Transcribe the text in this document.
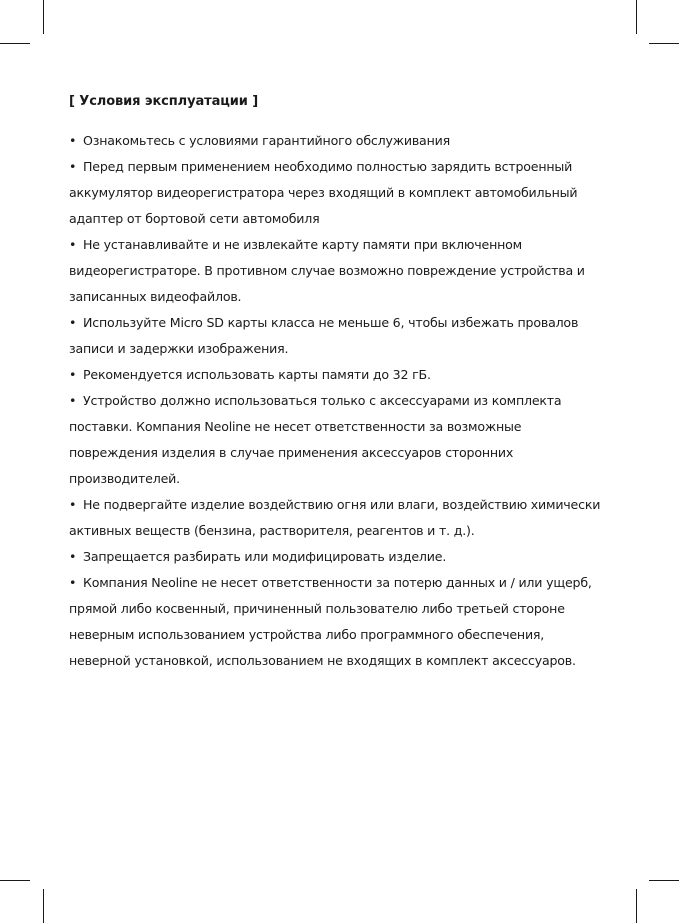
[ Условия эксплуатации ]

• Ознакомьтесь с условиями гарантийного обслуживания

• Перед первым применением необходимо полностью зарядить встроенный аккумулятор видеорегистратора через входящий в комплект автомобильный адаптер от бортовой сети автомобиля

• Не устанавливайте и не извлекайте карту памяти при включенном видеорегистраторе. В противном случае возможно повреждение устройства и записанных видеофайлов.

• Используйте Micro SD карты класса не меньше 6, чтобы избежать провалов записи и задержки изображения.

• Рекомендуется использовать карты памяти до 32 гБ.

• Устройство должно использоваться только с аксессуарами из комплекта поставки. Компания Neoline не несет ответственности за возможные повреждения изделия в случае применения аксессуаров сторонних производителей.

• Не подвергайте изделие воздействию огня или влаги, воздействию химически активных веществ (бензина, растворителя, реагентов и т. д.).

• Запрещается разбирать или модифицировать изделие.

• Компания Neoline не несет ответственности за потерю данных и / или ущерб, прямой либо косвенный, причиненный пользователю либо третьей стороне неверным использованием устройства либо программного обеспечения, неверной установкой, использованием не входящих в комплект аксессуаров.
